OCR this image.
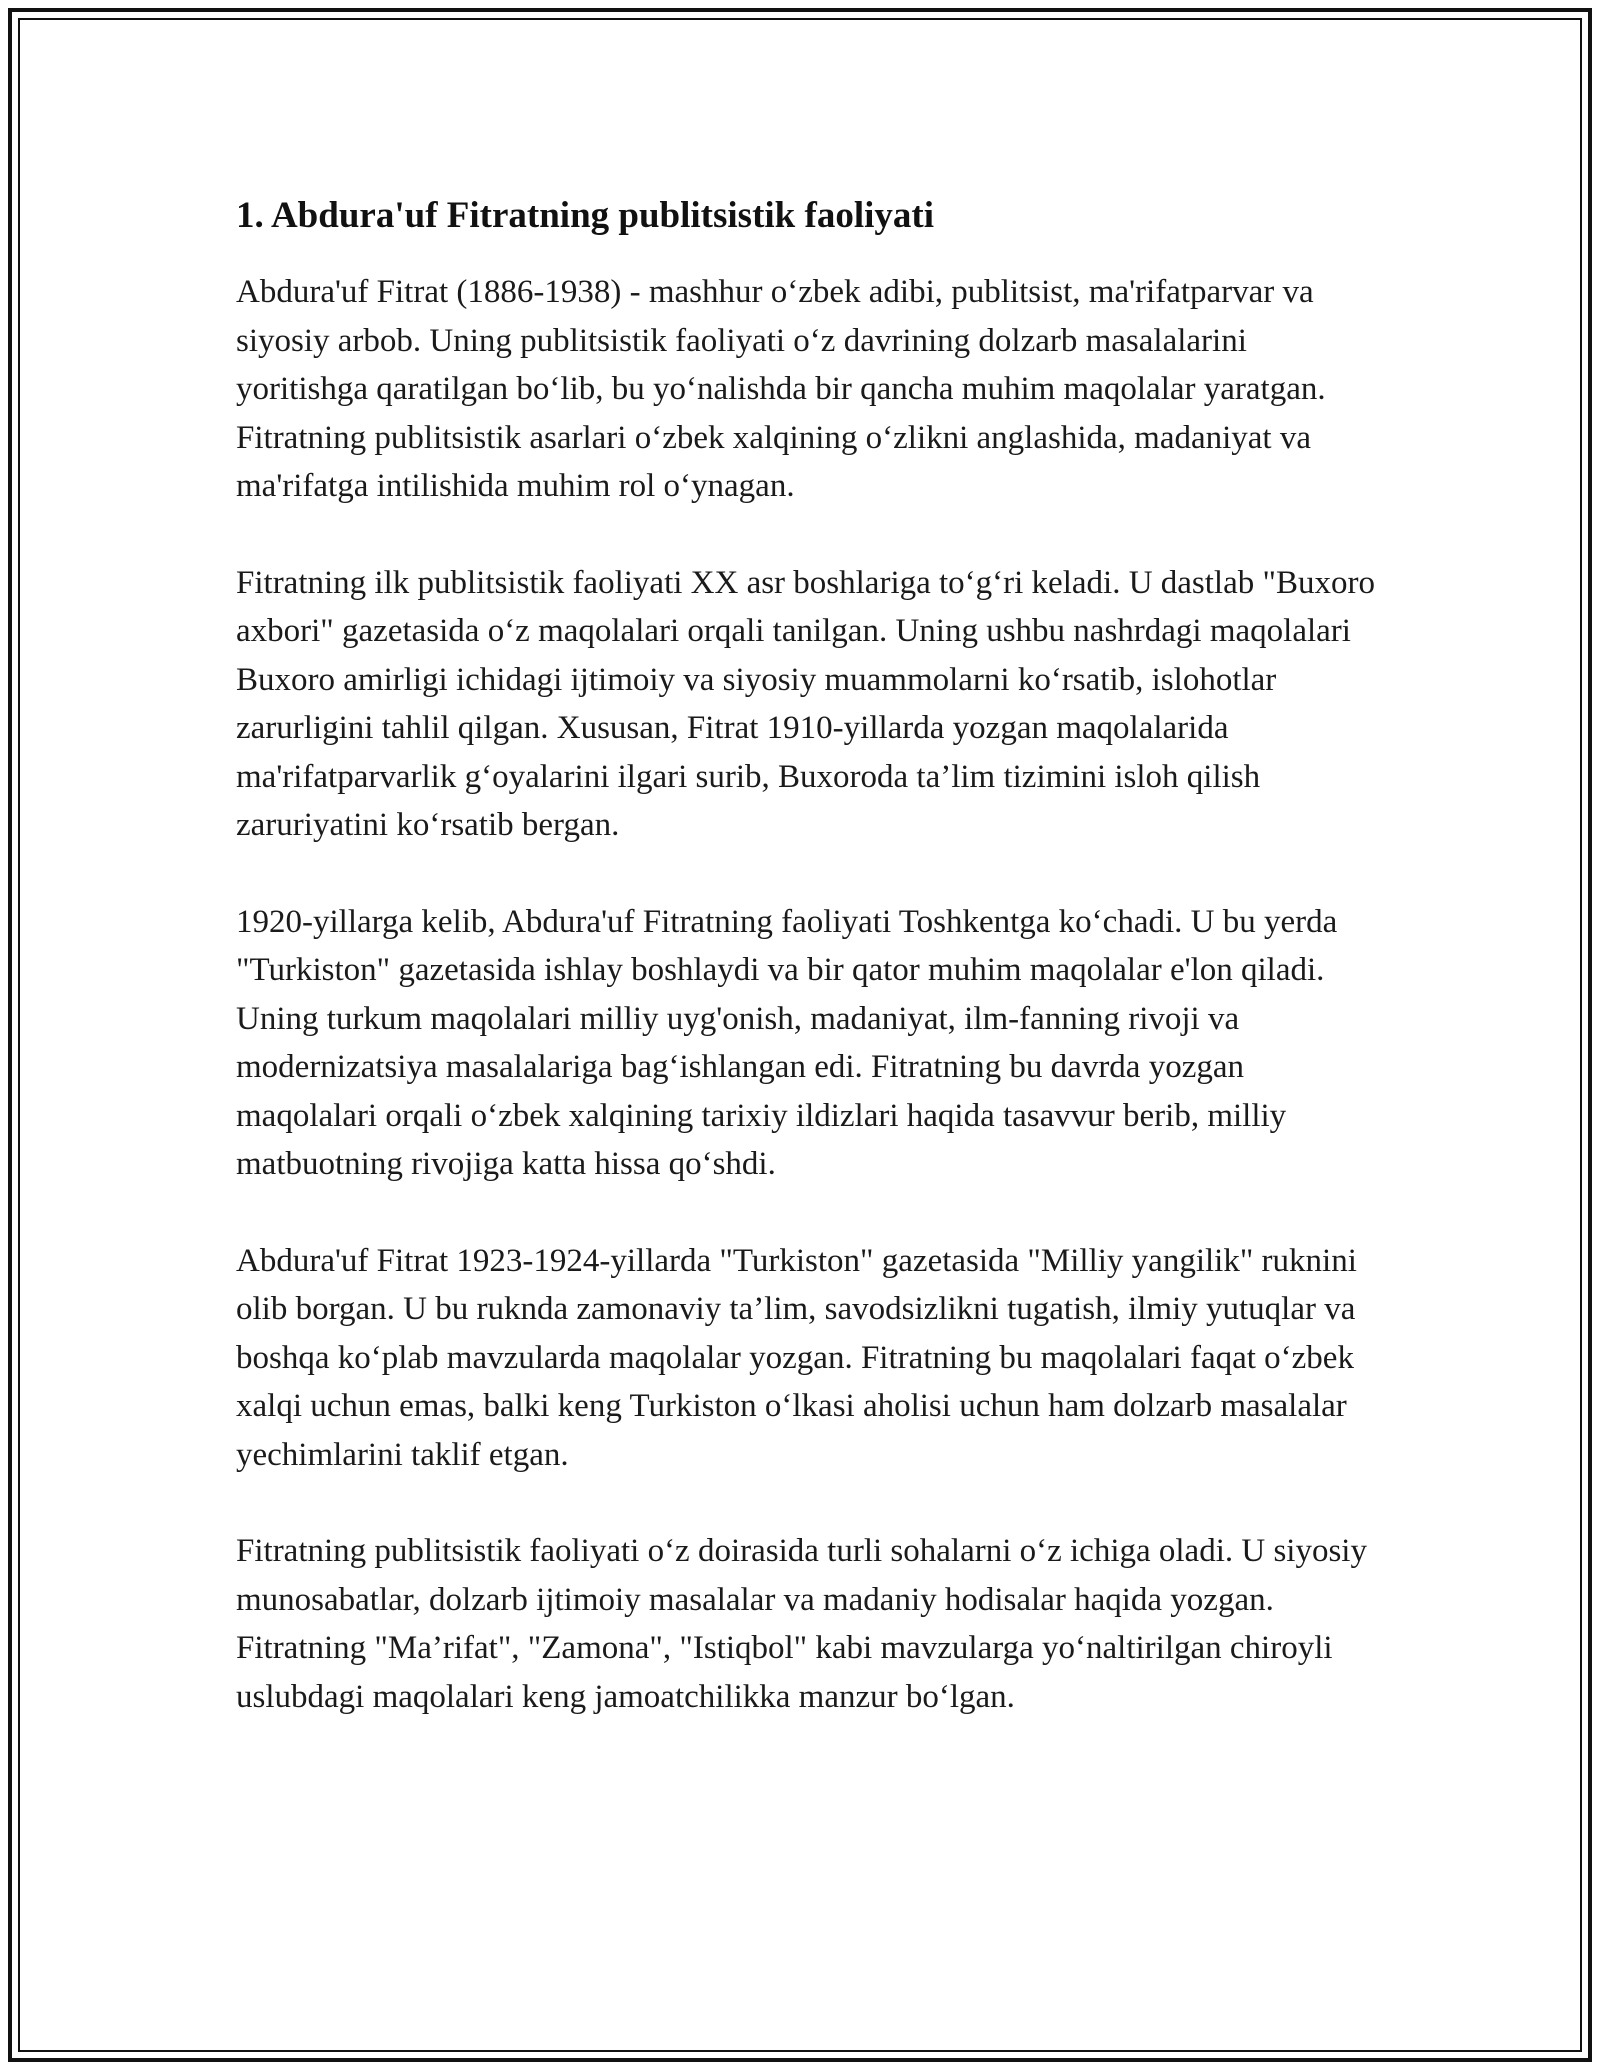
1. Abdura'uf Fitratning publitsistik faoliyati

Abdura'uf Fitrat (1886-1938) - mashhur o‘zbek adibi, publitsist, ma'rifatparvar va siyosiy arbob. Uning publitsistik faoliyati o‘z davrining dolzarb masalalarini yoritishga qaratilgan bo‘lib, bu yo‘nalishda bir qancha muhim maqolalar yaratgan. Fitratning publitsistik asarlari o‘zbek xalqining o‘zlikni anglashida, madaniyat va ma'rifatga intilishida muhim rol o‘ynagan.

Fitratning ilk publitsistik faoliyati XX asr boshlariga to‘g‘ri keladi. U dastlab "Buxoro axbori" gazetasida o‘z maqolalari orqali tanilgan. Uning ushbu nashrdagi maqolalari Buxoro amirligi ichidagi ijtimoiy va siyosiy muammolarni ko‘rsatib, islohotlar zarurligini tahlil qilgan. Xususan, Fitrat 1910-yillarda yozgan maqolalarida ma'rifatparvarlik g‘oyalarini ilgari surib, Buxoroda ta’lim tizimini isloh qilish zaruriyatini ko‘rsatib bergan.

1920-yillarga kelib, Abdura'uf Fitratning faoliyati Toshkentga ko‘chadi. U bu yerda "Turkiston" gazetasida ishlay boshlaydi va bir qator muhim maqolalar e'lon qiladi. Uning turkum maqolalari milliy uyg'onish, madaniyat, ilm-fanning rivoji va modernizatsiya masalalariga bag‘ishlangan edi. Fitratning bu davrda yozgan maqolalari orqali o‘zbek xalqining tarixiy ildizlari haqida tasavvur berib, milliy matbuotning rivojiga katta hissa qo‘shdi.

Abdura'uf Fitrat 1923-1924-yillarda "Turkiston" gazetasida "Milliy yangilik" ruknini olib borgan. U bu ruknda zamonaviy ta’lim, savodsizlikni tugatish, ilmiy yutuqlar va boshqa ko‘plab mavzularda maqolalar yozgan. Fitratning bu maqolalari faqat o‘zbek xalqi uchun emas, balki keng Turkiston o‘lkasi aholisi uchun ham dolzarb masalalar yechimlarini taklif etgan.

Fitratning publitsistik faoliyati o‘z doirasida turli sohalarni o‘z ichiga oladi. U siyosiy munosabatlar, dolzarb ijtimoiy masalalar va madaniy hodisalar haqida yozgan. Fitratning "Ma’rifat", "Zamona", "Istiqbol" kabi mavzularga yo‘naltirilgan chiroyli uslubdagi maqolalari keng jamoatchilikka manzur bo‘lgan.
